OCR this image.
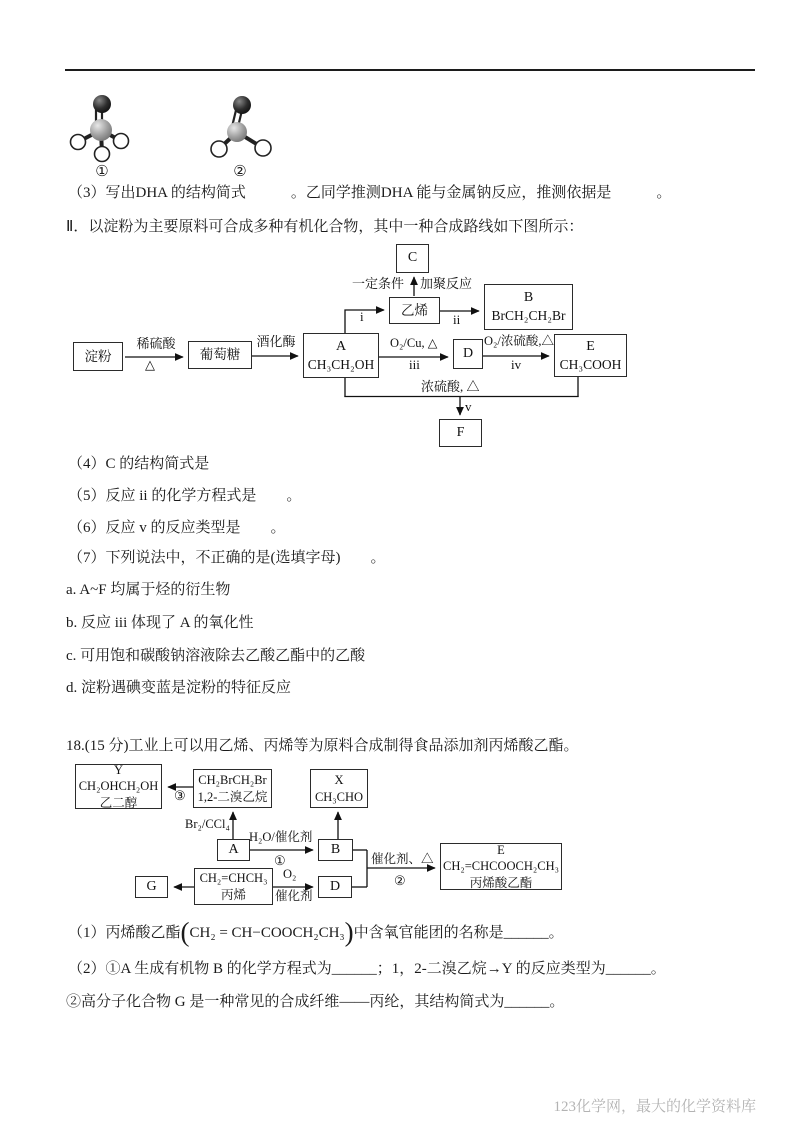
①	②
（3）写出DHA 的结构简式　　　。乙同学推测DHA 能与金属钠反应，推测依据是　　　。
Ⅱ．以淀粉为主要原料可合成多种有机化合物，其中一种合成路线如下图所示：
淀粉	葡萄糖
A
CH₃CH₂OH
乙烯
C
B
BrCH₂CH₂Br
D	E
CH₃COOH
F
稀硫酸
△
酒化酶
i
一定条件 加聚反应
ii
O₂/Cu, △
iii
O₂/浓硫酸,△
iv
浓硫酸, △
v
（4）C 的结构简式是
（5）反应 ii 的化学方程式是　　。
（6）反应 v 的反应类型是　　。
（7）下列说法中，不正确的是(选填字母)　　。
a. A~F 均属于烃的衍生物
b. 反应 iii 体现了 A 的氧化性
c. 可用饱和碳酸钠溶液除去乙酸乙酯中的乙酸
d. 淀粉遇碘变蓝是淀粉的特征反应
18.(15 分)工业上可以用乙烯、丙烯等为原料合成制得食品添加剂丙烯酸乙酯。
Y
CH₂OHCH₂OH
乙二醇
CH₂BrCH₂Br
1,2-二溴乙烷
X
CH₃CHO
A	B
G
CH₂=CHCH₃
丙烯
D
E
CH₂=CHCOOCH₂CH₃
丙烯酸乙酯
③
Br₂/CCl₄
H₂O/催化剂
①
O₂
催化剂
催化剂、△
②
（1）丙烯酸乙酯 ( CH₂ = CH−COOCH₂CH₃ ) 中含氧官能团的名称是______。
（2）①A 生成有机物 B 的化学方程式为______；1，2-二溴乙烷→Y 的反应类型为______。
②高分子化合物 G 是一种常见的合成纤维——丙纶，其结构简式为______。
123化学网，最大的化学资料库
